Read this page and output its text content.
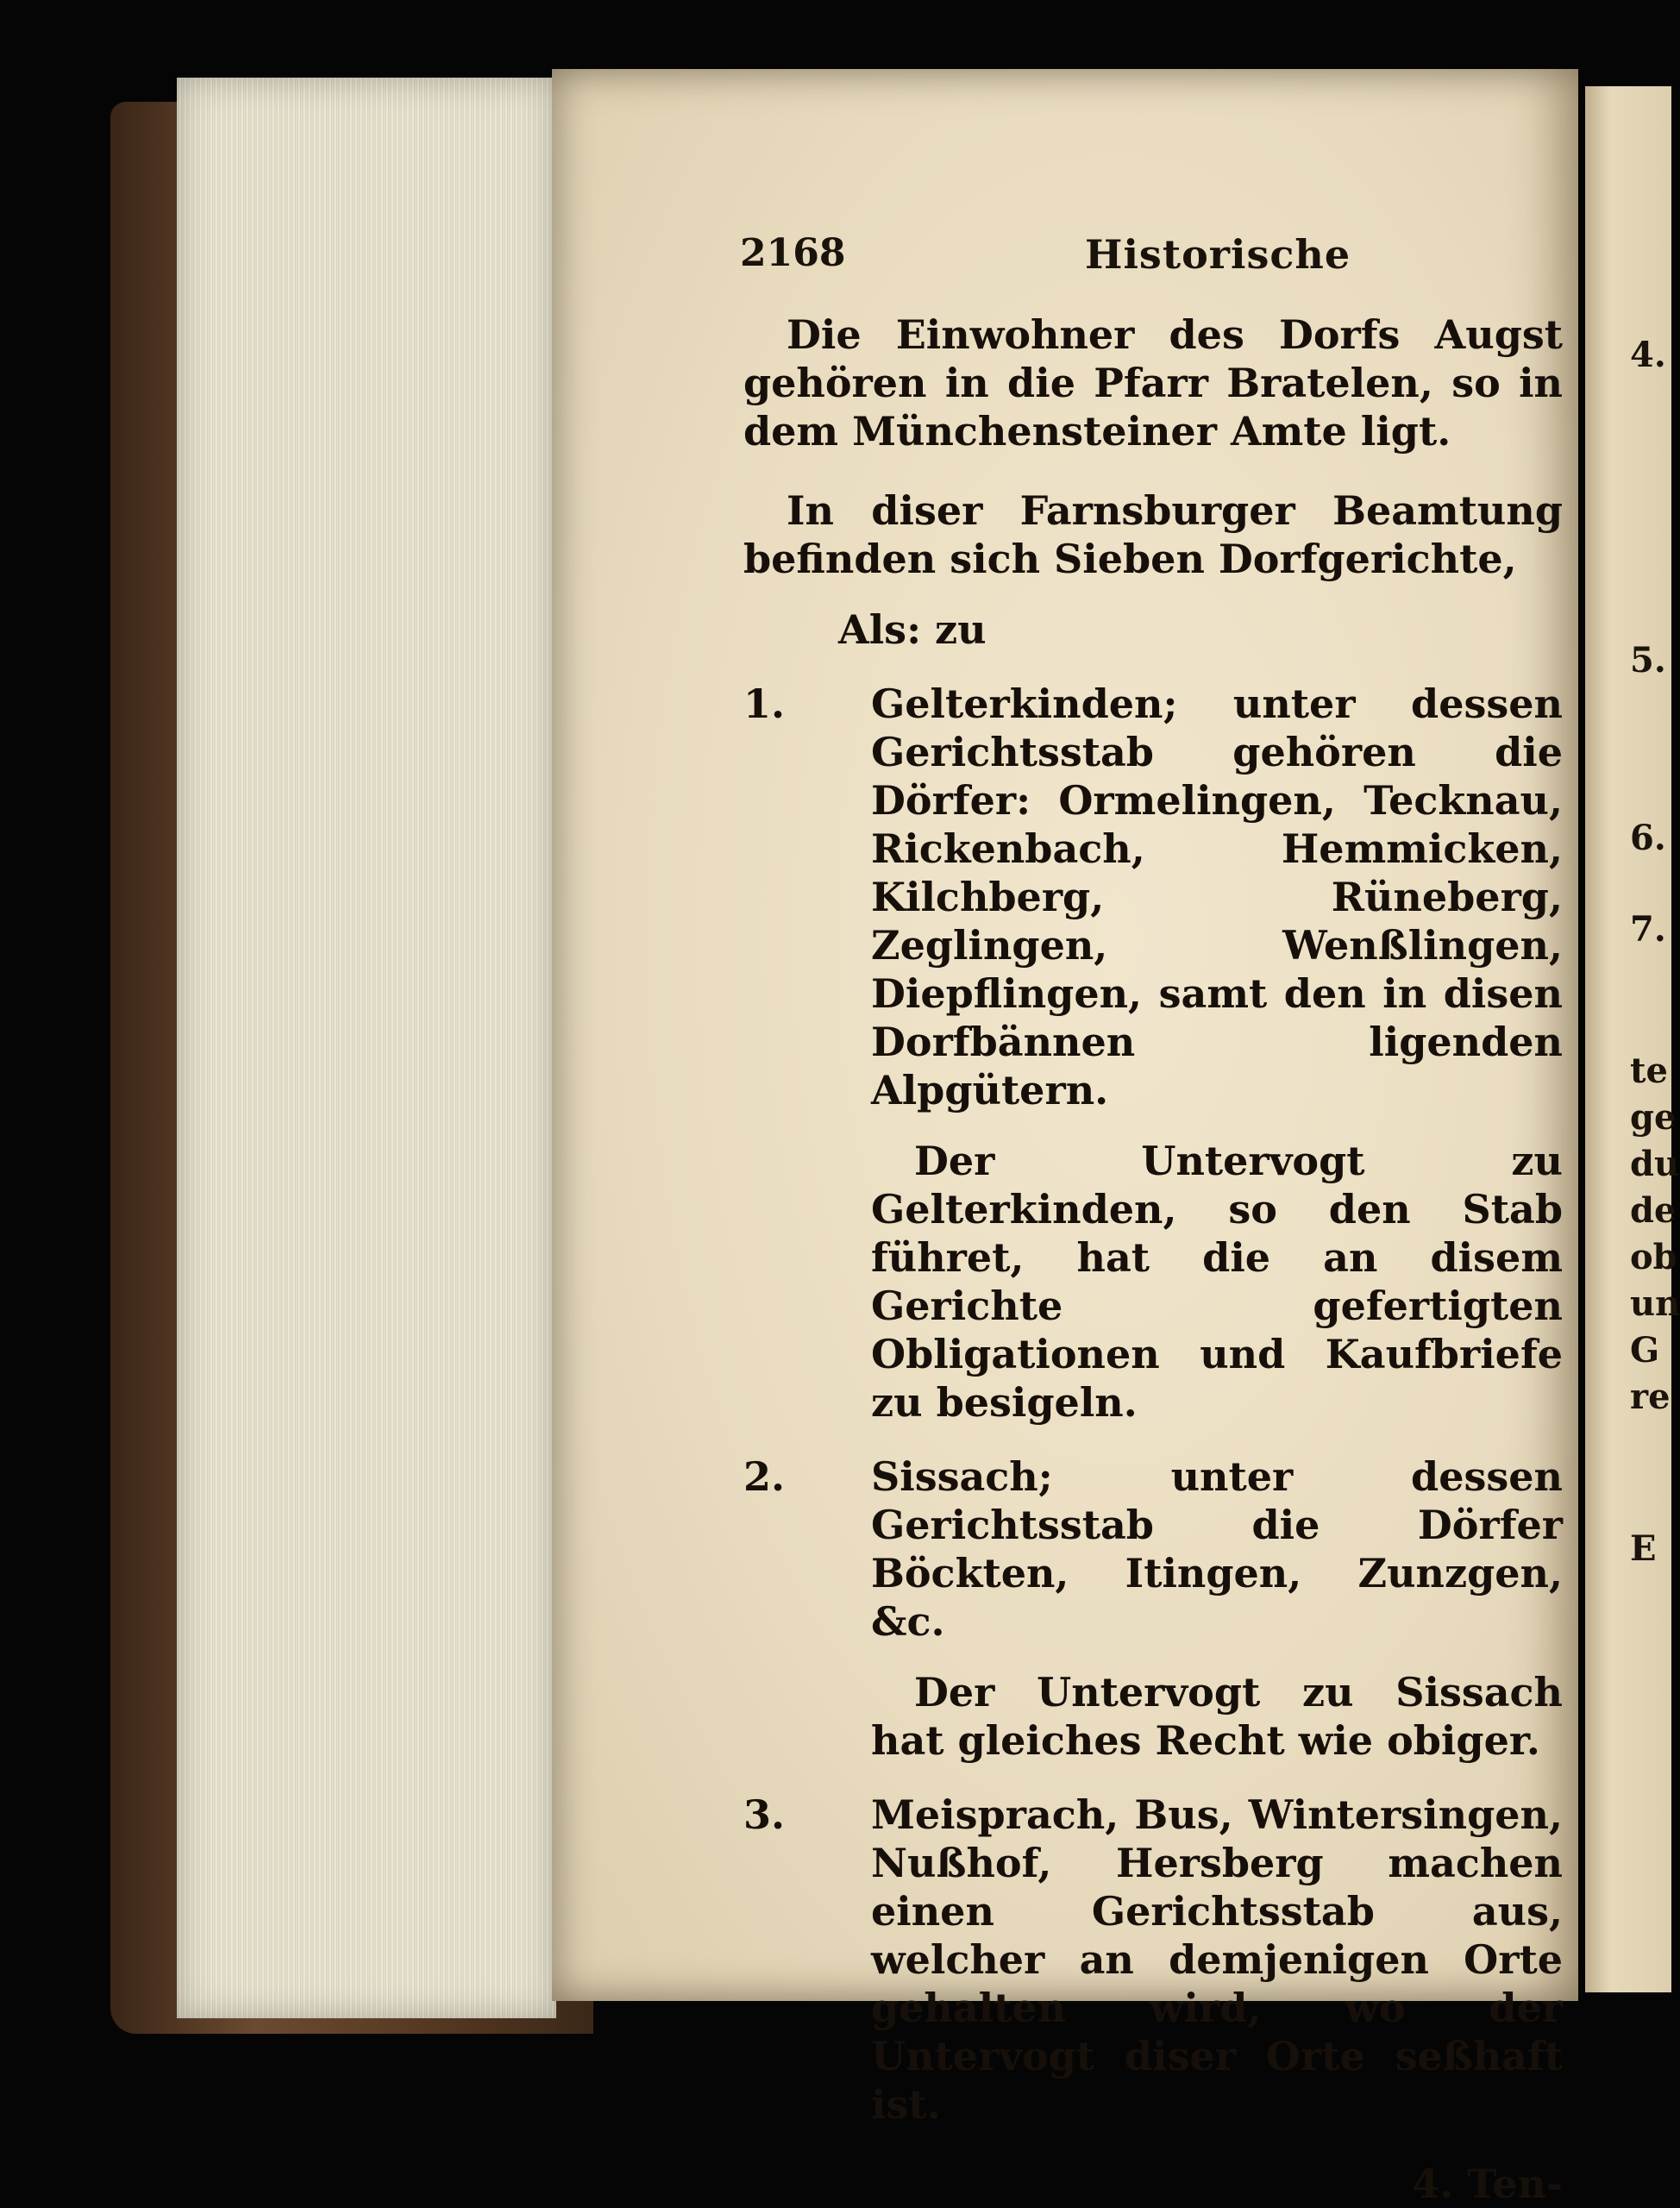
4.
5.
6.
7.
te
ge
du
de
ob
un
G
re
E
2168	Historische

Die Einwohner des Dorfs Augst gehören in die Pfarr Bratelen, so in dem Münchensteiner Amte ligt.

In diser Farnsburger Beamtung befinden sich Sieben Dorfgerichte,

Als: zu

1. Gelterkinden; unter dessen Gerichtsstab gehören die Dörfer: Ormelingen, Tecknau, Rickenbach, Hemmicken, Kilchberg, Rüneberg, Zeglingen, Wenßlingen, Diepflingen, samt den in disen Dorfbännen ligenden Alpgütern.

Der Untervogt zu Gelterkinden, so den Stab führet, hat die an disem Gerichte gefertigten Obligationen und Kaufbriefe zu besigeln.

2. Sissach; unter dessen Gerichtsstab die Dörfer Böckten, Itingen, Zunzgen, &c.

Der Untervogt zu Sissach hat gleiches Recht wie obiger.

3. Meisprach, Bus, Wintersingen, Nußhof, Hersberg machen einen Gerichtsstab aus, welcher an demjenigen Orte gehalten wird, wo der Untervogt diser Orte seßhaft ist.
4. Ten-
